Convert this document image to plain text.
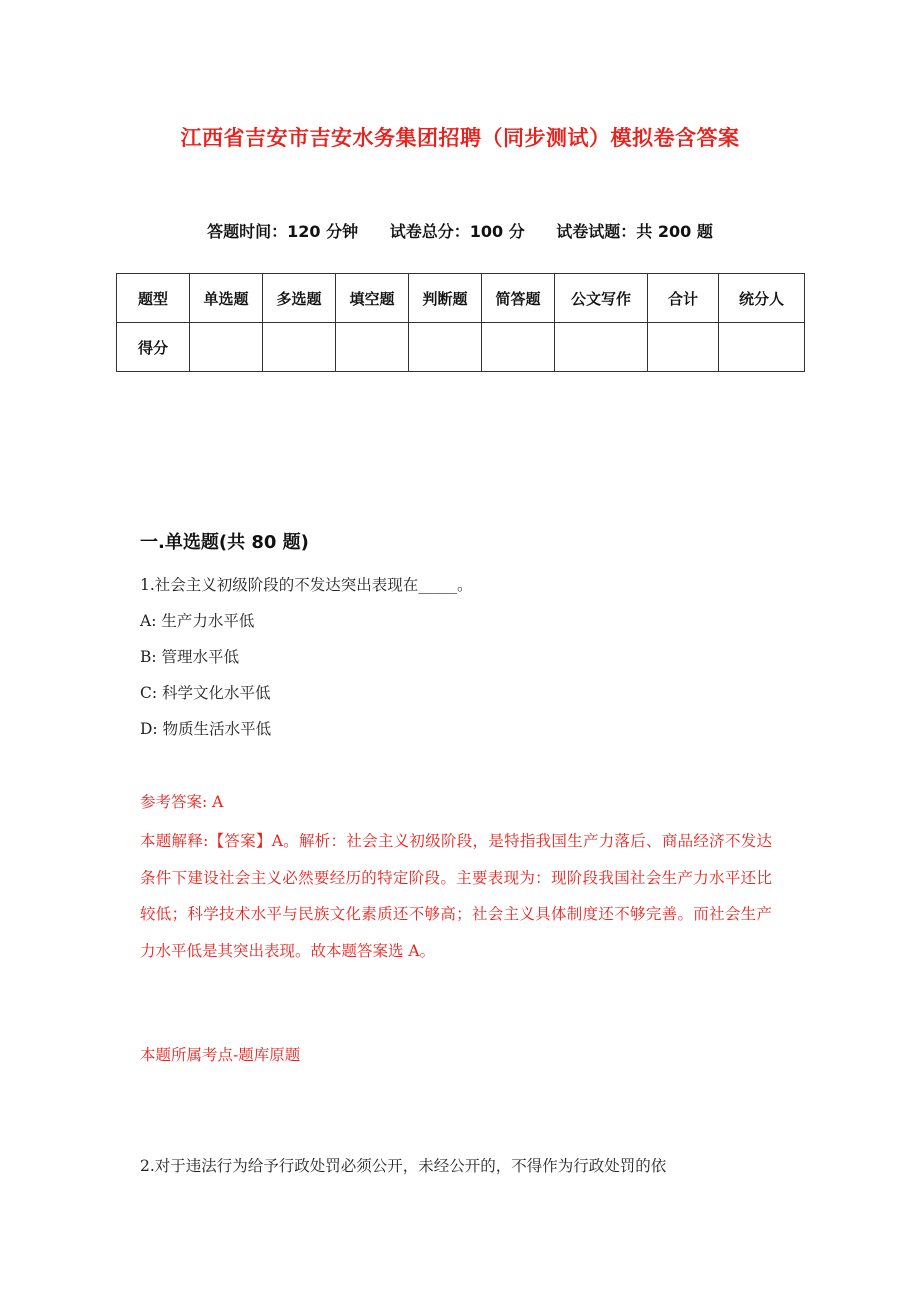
江西省吉安市吉安水务集团招聘（同步测试）模拟卷含答案
答题时间：120 分钟 试卷总分：100 分 试卷试题：共 200 题
题型	单选题	多选题	填空题	判断题	简答题	公文写作	合计	统分人
得分								
一.单选题(共 80 题)
1.社会主义初级阶段的不发达突出表现在_____。
A: 生产力水平低
B: 管理水平低
C: 科学文化水平低
D: 物质生活水平低
参考答案: A
本题解释:【答案】A。解析：社会主义初级阶段，是特指我国生产力落后、商品经济不发达条件下建设社会主义必然要经历的特定阶段。主要表现为：现阶段我国社会生产力水平还比较低；科学技术水平与民族文化素质还不够高；社会主义具体制度还不够完善。而社会生产力水平低是其突出表现。故本题答案选 A。
本题所属考点-题库原题
2.对于违法行为给予行政处罚必须公开，未经公开的，不得作为行政处罚的依
